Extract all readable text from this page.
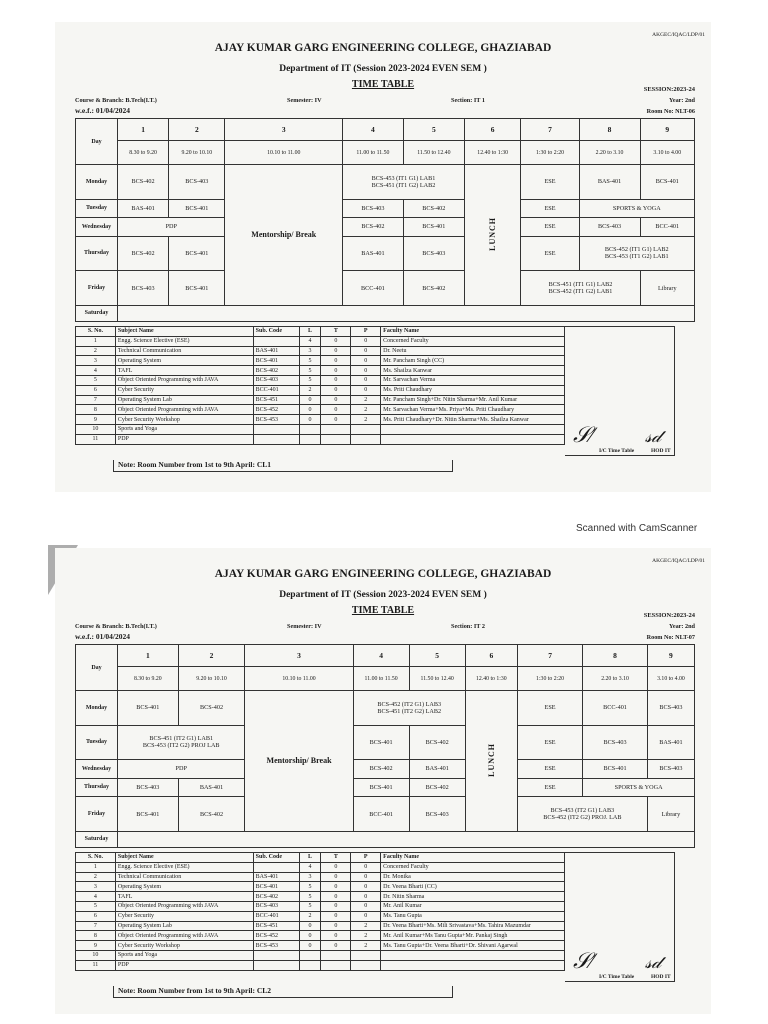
AKGEC/IQAC/LDP/01
AJAY KUMAR GARG ENGINEERING COLLEGE, GHAZIABAD
Department of IT (Session 2023-2024 EVEN SEM )
TIME TABLE	SESSION:2023-24
Course & Branch: B.Tech(I.T.)	Semester: IV	Section: IT 1	Year: 2nd
w.e.f.: 01/04/2024	Room No: NLT-06
Day	1	2	3	4	5	6	7	8	9
	8.30 to 9.20	9.20 to 10.10	10.10 to 11.00	11.00 to 11.50	11.50 to 12.40	12.40 to 1:30	1:30 to 2:20	2.20 to 3.10	3.10 to 4.00
Monday	BCS-402	BCS-403	Mentorship/ Break	BCS-453 (IT1 G1) LAB1
BCS-451 (IT1 G2) LAB2		LUNCH	ESE	BAS-401	BCS-401
Tuesday	BAS-401	BCS-401		BCS-403	BCS-402		ESE	SPORTS & YOGA	
Wednesday	PDP			BCS-402	BCS-401		ESE	BCS-403	BCC-401
Thursday	BCS-402	BCS-401		BAS-401	BCS-403		ESE	BCS-452 (IT1 G1) LAB2
BCS-453 (IT1 G2) LAB1	
Friday	BCS-403	BCS-401		BCC-401	BCS-402		BCS-451 (IT1 G1) LAB2
BCS-452 (IT1 G2) LAB1		Library
Saturday									
S. No.	Subject Name	Sub. Code	L	T	P	Faculty Name
1	Engg. Science Elective (ESE)		4	0	0	Concerned Faculty
2	Technical Communication	BAS-401	3	0	0	Dr. Neetu
3	Operating System	BCS-401	5	0	0	Mr. Pancham Singh (CC)
4	TAFL	BCS-402	5	0	0	Ms. Shailza Kanwar
5	Object Oriented Programming with JAVA	BCS-403	5	0	0	Mr. Sarvachan Verma
6	Cyber Security	BCC-401	2	0	0	Ms. Priti Chaudhary
7	Operating System Lab	BCS-451	0	0	2	Mr. Pancham Singh+Dr. Nitin Sharma+Mr. Anil Kumar
8	Object Oriented Programming with JAVA	BCS-452	0	0	2	Mr. Sarvachan Verma+Ms. Priya+Ms. Priti Chaudhary
9	Cyber Security Workshop	BCS-453	0	0	2	Ms. Priti Chaudhary+Dr. Nitin Sharma+Ms. Shailza Kanwar
10	Sports and Yoga					
11	PDP						𝒮⁄	𝓈𝒹
I/C Time Table	HOD IT
Note: Room Number from 1st to 9th April: CL1
Scanned with CamScanner
AKGEC/IQAC/LDP/01
AJAY KUMAR GARG ENGINEERING COLLEGE, GHAZIABAD
Department of IT (Session 2023-2024 EVEN SEM )
TIME TABLE	SESSION:2023-24
Course & Branch: B.Tech(I.T.)	Semester: IV	Section: IT 2	Year: 2nd
w.e.f.: 01/04/2024	Room No: NLT-07
Day	1	2	3	4	5	6	7	8	9
	8.30 to 9.20	9.20 to 10.10	10.10 to 11.00	11.00 to 11.50	11.50 to 12.40	12.40 to 1:30	1:30 to 2:20	2.20 to 3.10	3.10 to 4.00
Monday	BCS-401	BCS-402	Mentorship/ Break	BCS-452 (IT2 G1) LAB3
BCS-451 (IT2 G2) LAB2		LUNCH	ESE	BCC-401	BCS-403
Tuesday	BCS-451 (IT2 G1) LAB1
BCS-453 (IT2 G2) PROJ LAB			BCS-401	BCS-402		ESE	BCS-403	BAS-401
Wednesday	PDP			BCS-402	BAS-401		ESE	BCS-401	BCS-403
Thursday	BCS-403	BAS-401		BCS-401	BCS-402		ESE	SPORTS & YOGA	
Friday	BCS-401	BCS-402		BCC-401	BCS-403		BCS-453 (IT2 G1) LAB3
BCS-452 (IT2 G2) PROJ. LAB		Library
Saturday									
S. No.	Subject Name	Sub. Code	L	T	P	Faculty Name
1	Engg. Science Elective (ESE)		4	0	0	Concerned Faculty
2	Technical Communication	BAS-401	3	0	0	Dr. Monika
3	Operating System	BCS-401	5	0	0	Dr. Veena Bharti (CC)
4	TAFL	BCS-402	5	0	0	Dr. Nitin Sharma
5	Object Oriented Programming with JAVA	BCS-403	5	0	0	Mr. Anil Kumar
6	Cyber Security	BCC-401	2	0	0	Ms. Tanu Gupta
7	Operating System Lab	BCS-451	0	0	2	Dr. Veena Bharti+Ms. Mili Srivastava+Ms. Tahira Mazumdar
8	Object Oriented Programming with JAVA	BCS-452	0	0	2	Mr. Anil Kumar+Ms Tanu Gupta+Mr. Pankaj Singh
9	Cyber Security Workshop	BCS-453	0	0	2	Ms. Tanu Gupta+Dr. Veena Bharti+Dr. Shivani Agarwal
10	Sports and Yoga					
11	PDP						𝒮⁄	𝓈𝒹
I/C Time Table	HOD IT
Note: Room Number from 1st to 9th April: CL2
